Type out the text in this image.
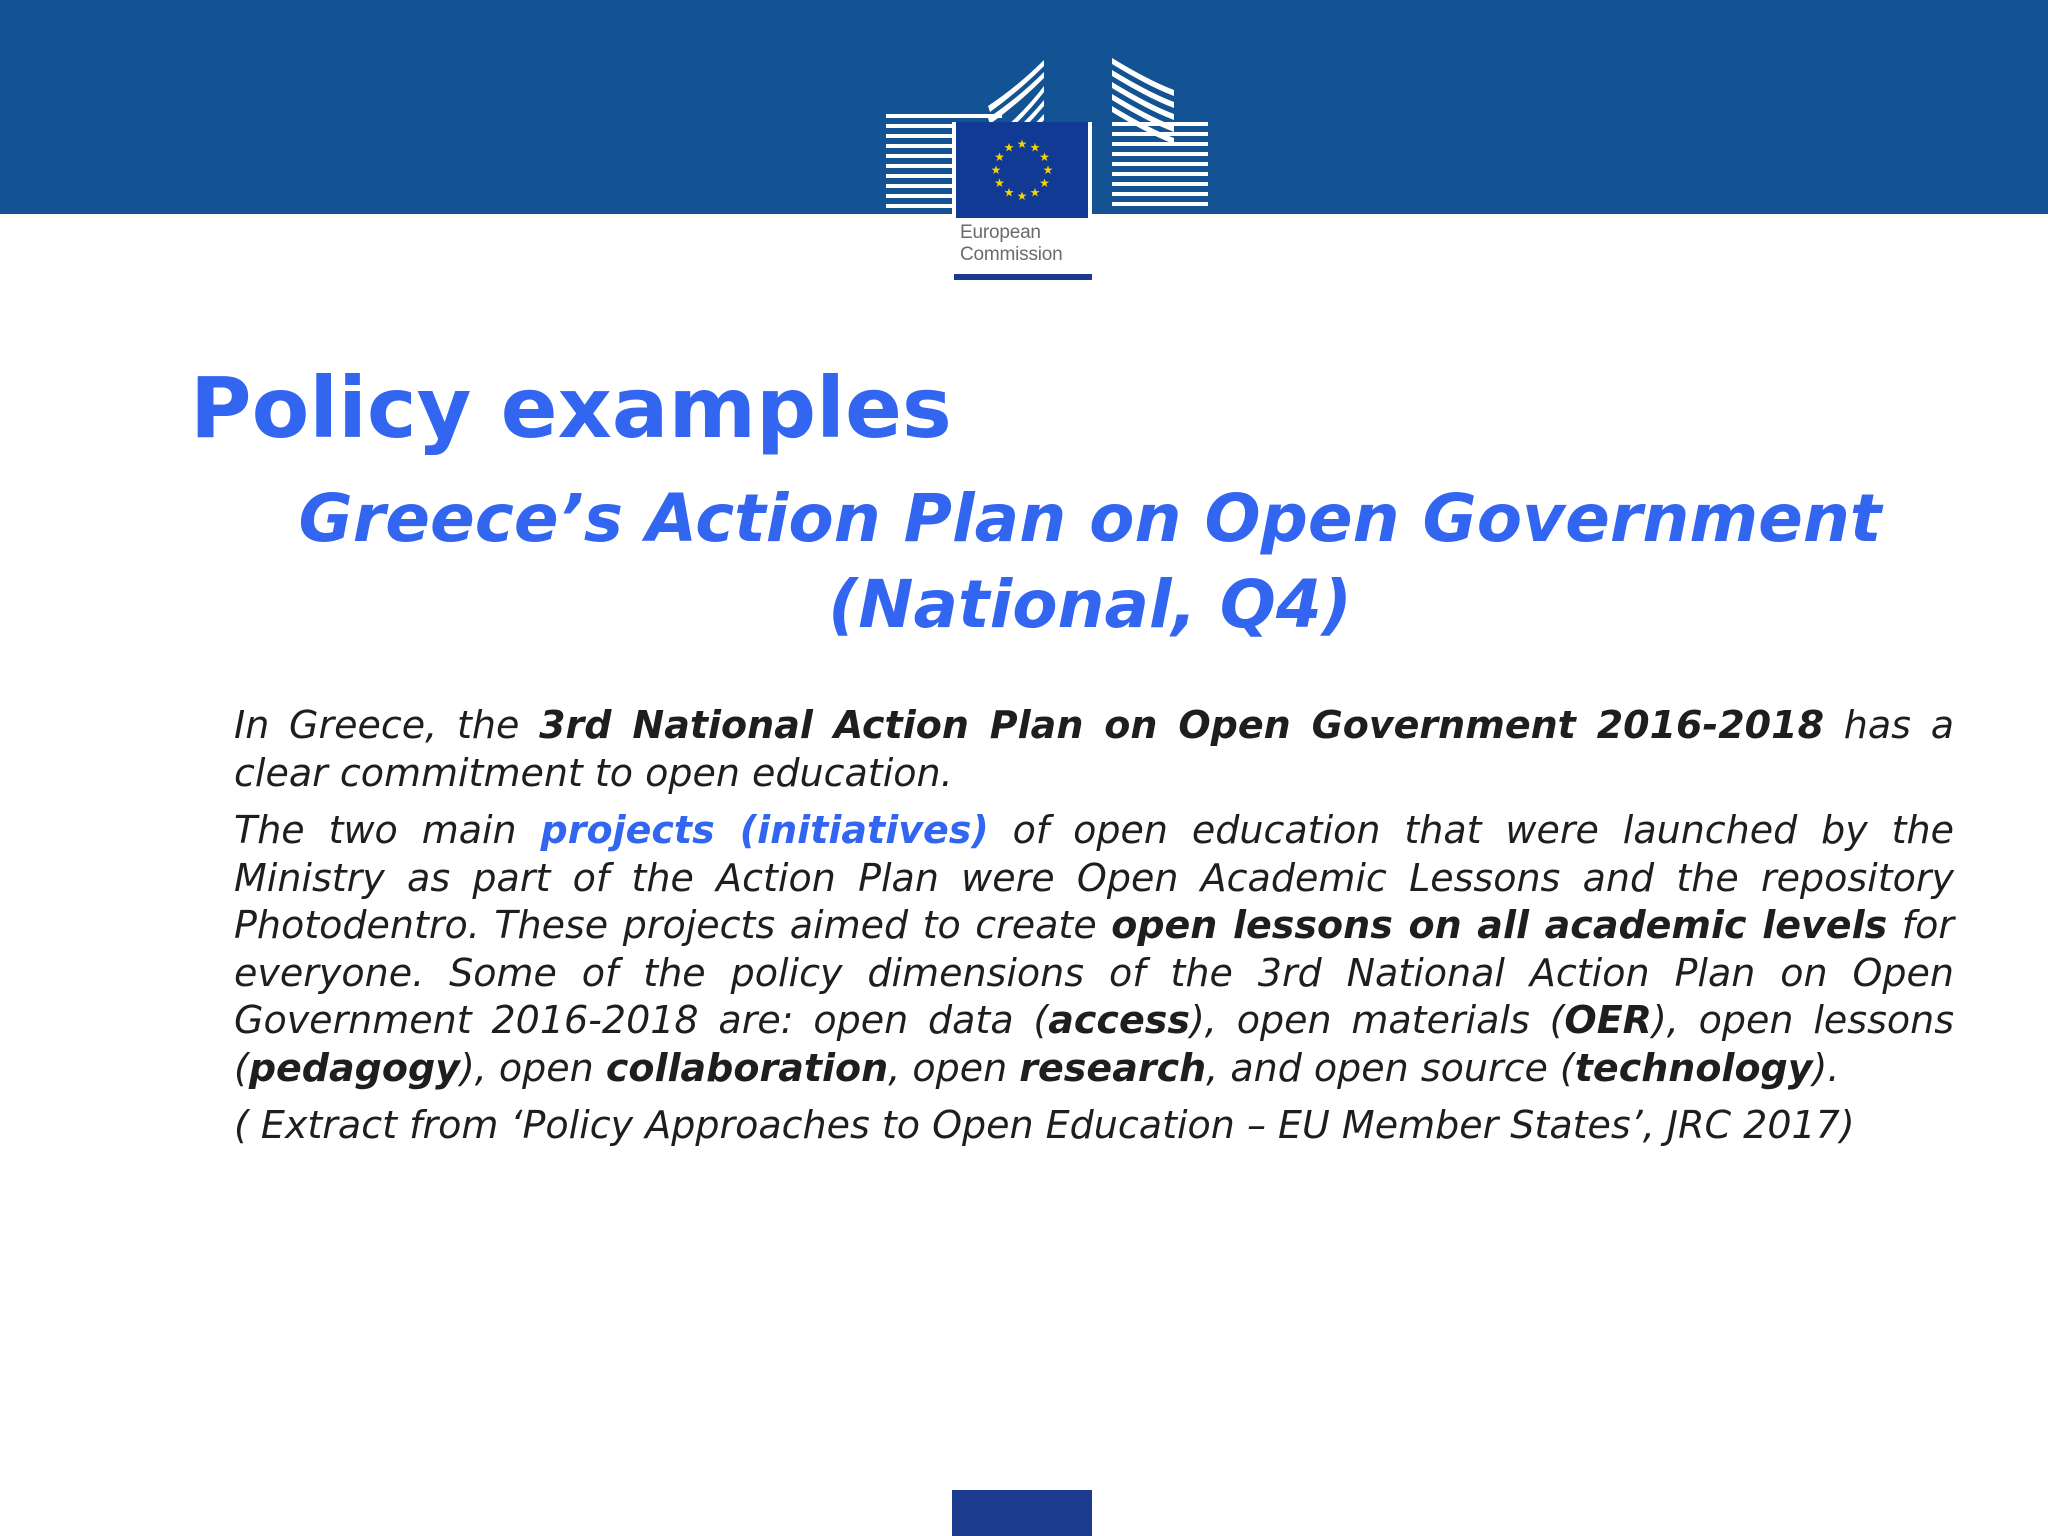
★ ★
★
★
★
★
★
★
★
★
★
★
European
Commission
Policy examples
Greece’s Action Plan on Open Government
(National, Q4)

In Greece, the 3rd National Action Plan on Open Government 2016-2018 has a clear commitment to open education.

The two main projects (initiatives) of open education that were launched by the Ministry as part of the Action Plan were Open Academic Lessons and the repository Photodentro. These projects aimed to create open lessons on all academic levels for everyone. Some of the policy dimensions of the 3rd National Action Plan on Open Government 2016-2018 are: open data (access), open materials (OER), open lessons (pedagogy), open collaboration, open research, and open source (technology).

( Extract from ‘Policy Approaches to Open Education – EU Member States’, JRC 2017)
